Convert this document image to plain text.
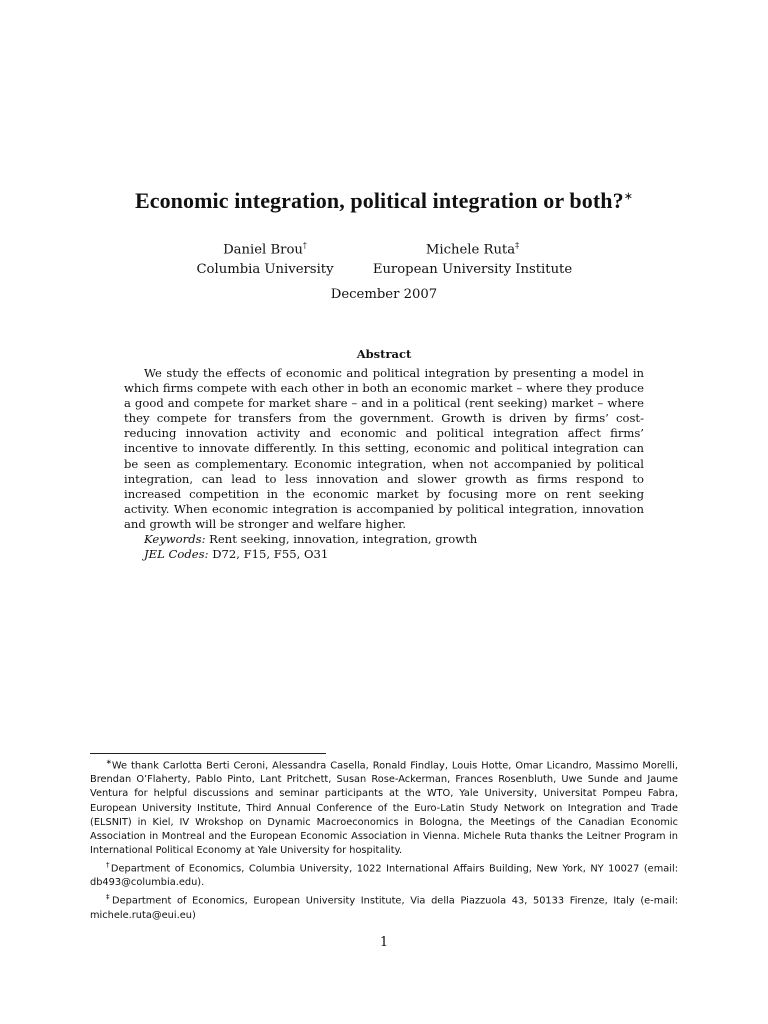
Economic integration, political integration or both?∗
Daniel Brou†
Columbia University
Michele Ruta‡
European University Institute
December 2007
Abstract

We study the effects of economic and political integration by presenting a model in which firms compete with each other in both an economic market – where they produce a good and compete for market share – and in a political (rent seeking) market – where they compete for transfers from the government. Growth is driven by firms’ cost-reducing innovation activity and economic and political integration affect firms’ incentive to innovate differently. In this setting, economic and political integration can be seen as complementary. Economic integration, when not accompanied by political integration, can lead to less innovation and slower growth as firms respond to increased competition in the economic market by focusing more on rent seeking activity. When economic integration is accompanied by political integration, innovation and growth will be stronger and welfare higher.

Keywords: Rent seeking, innovation, integration, growth
JEL Codes: D72, F15, F55, O31

∗We thank Carlotta Berti Ceroni, Alessandra Casella, Ronald Findlay, Louis Hotte, Omar Licandro, Massimo Morelli, Brendan O’Flaherty, Pablo Pinto, Lant Pritchett, Susan Rose-Ackerman, Frances Rosenbluth, Uwe Sunde and Jaume Ventura for helpful discussions and seminar participants at the WTO, Yale University, Universitat Pompeu Fabra, European University Institute, Third Annual Conference of the Euro-Latin Study Network on Integration and Trade (ELSNIT) in Kiel, IV Wrokshop on Dynamic Macroeconomics in Bologna, the Meetings of the Canadian Economic Association in Montreal and the European Economic Association in Vienna. Michele Ruta thanks the Leitner Program in International Political Economy at Yale University for hospitality.

†Department of Economics, Columbia University, 1022 International Affairs Building, New York, NY 10027 (email: db493@columbia.edu).

‡Department of Economics, European University Institute, Via della Piazzuola 43, 50133 Firenze, Italy (e-mail: michele.ruta@eui.eu)

1
